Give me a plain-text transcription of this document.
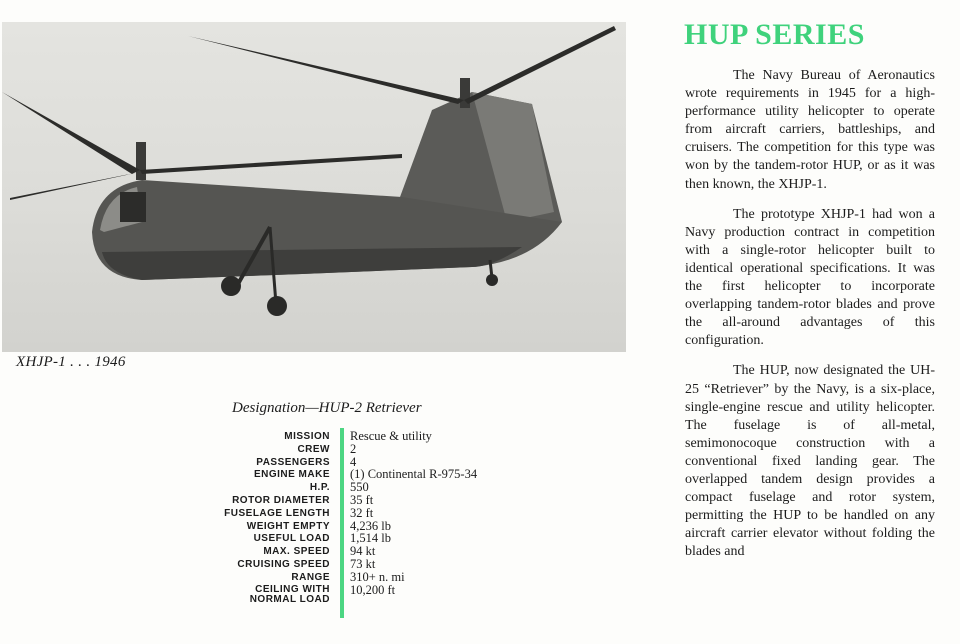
XHJP-1 . . . 1946
Designation—HUP-2 Retriever
MISSION
CREW
PASSENGERS
ENGINE MAKE
H.P.
ROTOR DIAMETER
FUSELAGE LENGTH
WEIGHT EMPTY
USEFUL LOAD
MAX. SPEED
CRUISING SPEED
RANGE
CEILING WITH
NORMAL LOAD
Rescue & utility
2
4
(1) Continental R-975-34
550
35 ft
32 ft
4,236 lb
1,514 lb
94 kt
73 kt
310+ n. mi
10,200 ft
HUP SERIES

The Navy Bureau of Aeronautics wrote requirements in 1945 for a high-performance utility helicopter to operate from aircraft carriers, battleships, and cruisers. The competition for this type was won by the tandem-rotor HUP, or as it was then known, the XHJP-1.

The prototype XHJP-1 had won a Navy production contract in competition with a single-rotor helicopter built to identical operational specifications. It was the first helicopter to incorporate overlapping tandem-rotor blades and prove the all-around advantages of this configuration.

The HUP, now designated the UH-25 “Retriever” by the Navy, is a six-place, single-engine rescue and utility helicopter. The fuselage is of all-metal, semimonocoque construction with a conventional fixed landing gear. The overlapped tandem design provides a compact fuselage and rotor system, permitting the HUP to be handled on any aircraft carrier elevator without folding the blades and
